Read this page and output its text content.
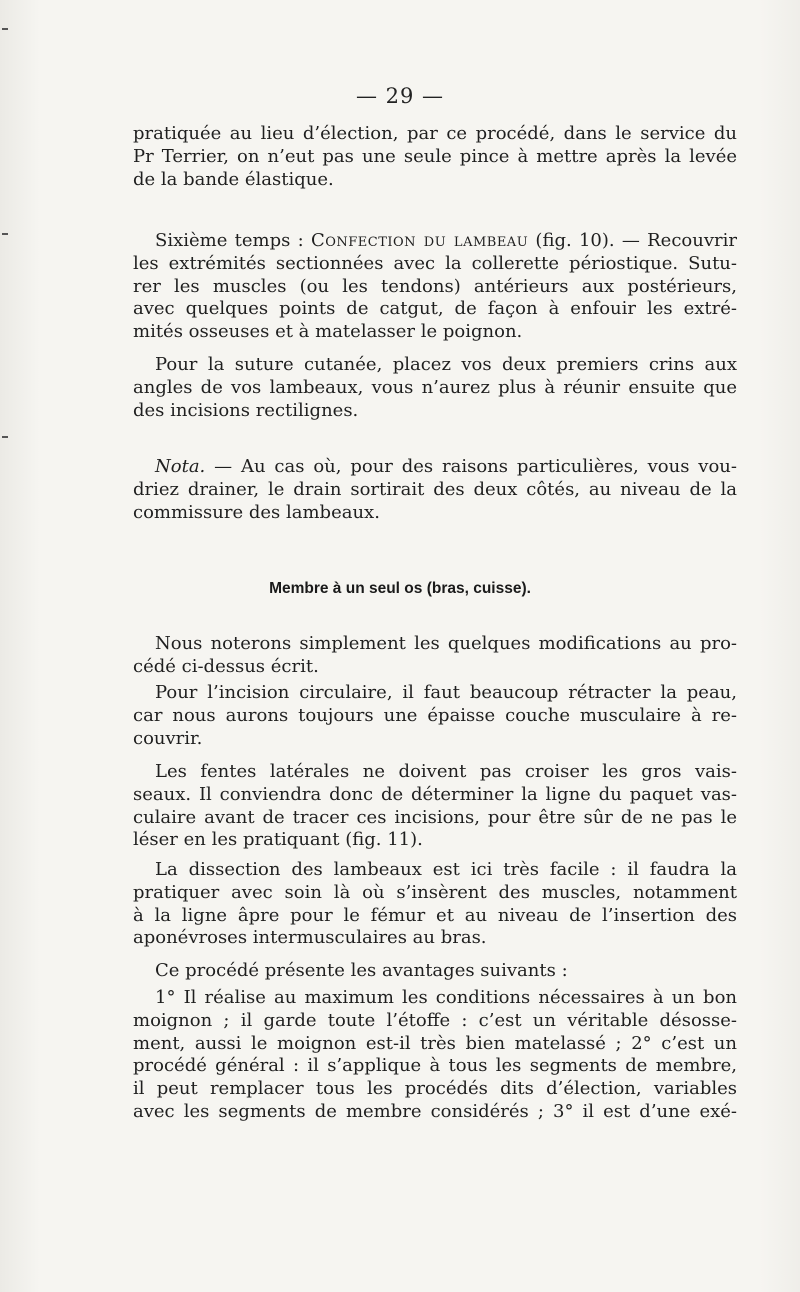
— 29 —
pratiquée au lieu d’élection, par ce procédé, dans le service du
Pr Terrier, on n’eut pas une seule pince à mettre après la levée
de la bande élastique.
Sixième temps : Confection du lambeau (fig. 10). — Recouvrir
les extrémités sectionnées avec la collerette périostique. Sutu-
rer les muscles (ou les tendons) antérieurs aux postérieurs,
avec quelques points de catgut, de façon à enfouir les extré-
mités osseuses et à matelasser le poignon.
Pour la suture cutanée, placez vos deux premiers crins aux
angles de vos lambeaux, vous n’aurez plus à réunir ensuite que
des incisions rectilignes.
Nota. — Au cas où, pour des raisons particulières, vous vou-
driez drainer, le drain sortirait des deux côtés, au niveau de la
commissure des lambeaux.
Membre à un seul os (bras, cuisse).
Nous noterons simplement les quelques modifications au pro-
cédé ci-dessus écrit.
Pour l’incision circulaire, il faut beaucoup rétracter la peau,
car nous aurons toujours une épaisse couche musculaire à re-
couvrir.
Les fentes latérales ne doivent pas croiser les gros vais-
seaux. Il conviendra donc de déterminer la ligne du paquet vas-
culaire avant de tracer ces incisions, pour être sûr de ne pas le
léser en les pratiquant (fig. 11).
La dissection des lambeaux est ici très facile : il faudra la
pratiquer avec soin là où s’insèrent des muscles, notamment
à la ligne âpre pour le fémur et au niveau de l’insertion des
aponévroses intermusculaires au bras.
Ce procédé présente les avantages suivants :
1° Il réalise au maximum les conditions nécessaires à un bon
moignon ; il garde toute l’étoffe : c’est un véritable désosse-
ment, aussi le moignon est-il très bien matelassé ; 2° c’est un
procédé général : il s’applique à tous les segments de membre,
il peut remplacer tous les procédés dits d’élection, variables
avec les segments de membre considérés ; 3° il est d’une exé-
